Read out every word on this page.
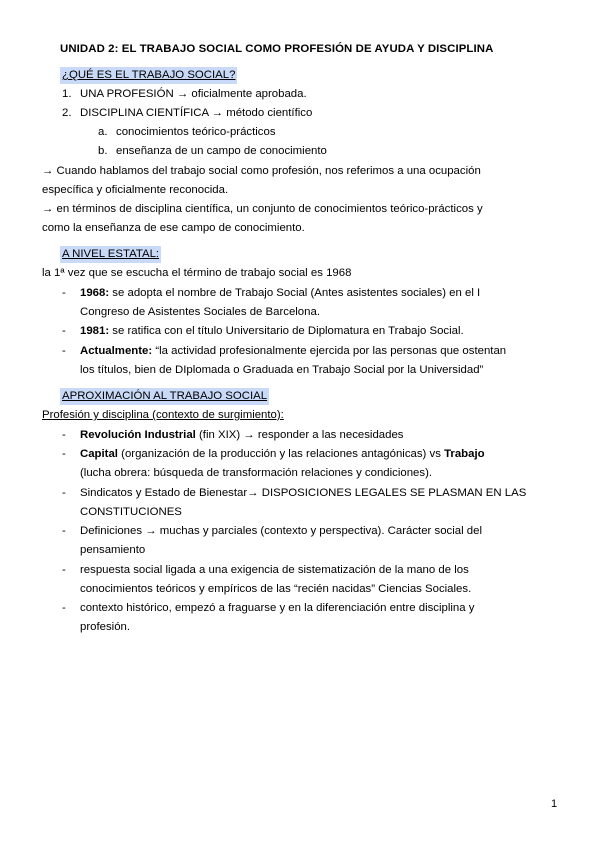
UNIDAD 2: EL TRABAJO SOCIAL COMO PROFESIÓN DE AYUDA Y DISCIPLINA
¿QUÉ ES EL TRABAJO SOCIAL?
1. UNA PROFESIÓN → oficialmente aprobada.
2. DISCIPLINA CIENTÍFICA → método científico
a. conocimientos teórico-prácticos
b. enseñanza de un campo de conocimiento
→ Cuando hablamos del trabajo social como profesión, nos referimos a una ocupación
específica y oficialmente reconocida.
→ en términos de disciplina científica, un conjunto de conocimientos teórico-prácticos y
como la enseñanza de ese campo de conocimiento.
A NIVEL ESTATAL:
la 1ª vez que se escucha el término de trabajo social es 1968
- 1968: se adopta el nombre de Trabajo Social (Antes asistentes sociales) en el I
Congreso de Asistentes Sociales de Barcelona.
- 1981: se ratifica con el título Universitario de Diplomatura en Trabajo Social.
- Actualmente: “la actividad profesionalmente ejercida por las personas que ostentan
los títulos, bien de DIplomada o Graduada en Trabajo Social por la Universidad”
APROXIMACIÓN AL TRABAJO SOCIAL
Profesión y disciplina (contexto de surgimiento):
- Revolución Industrial (fin XIX) → responder a las necesidades
- Capital (organización de la producción y las relaciones antagónicas) vs Trabajo
(lucha obrera: búsqueda de transformación relaciones y condiciones).
- Sindicatos y Estado de Bienestar→ DISPOSICIONES LEGALES SE PLASMAN EN LAS
CONSTITUCIONES
- Definiciones → muchas y parciales (contexto y perspectiva). Carácter social del
pensamiento
- respuesta social ligada a una exigencia de sistematización de la mano de los
conocimientos teóricos y empíricos de las “recién nacidas” Ciencias Sociales.
- contexto histórico, empezó a fraguarse y en la diferenciación entre disciplina y
profesión.
1
